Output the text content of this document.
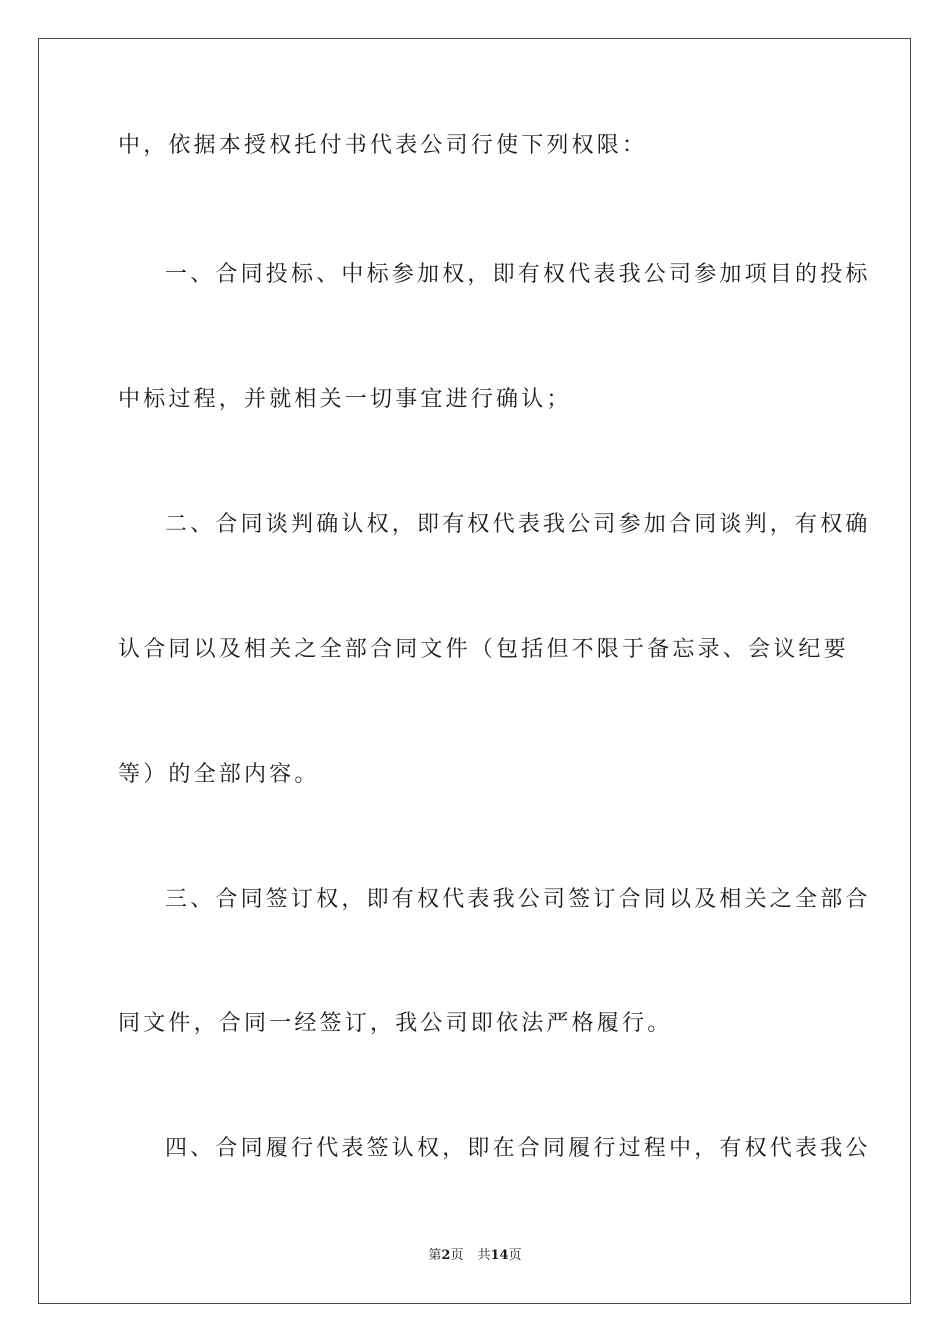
中，依据本授权托付书代表公司行使下列权限：
一、合同投标、中标参加权，即有权代表我公司参加项目的投标
中标过程，并就相关一切事宜进行确认；
二、合同谈判确认权，即有权代表我公司参加合同谈判，有权确
认合同以及相关之全部合同文件（包括但不限于备忘录、会议纪要
等）的全部内容。
三、合同签订权，即有权代表我公司签订合同以及相关之全部合
同文件，合同一经签订，我公司即依法严格履行。
四、合同履行代表签认权，即在合同履行过程中，有权代表我公
第2页 共14页
